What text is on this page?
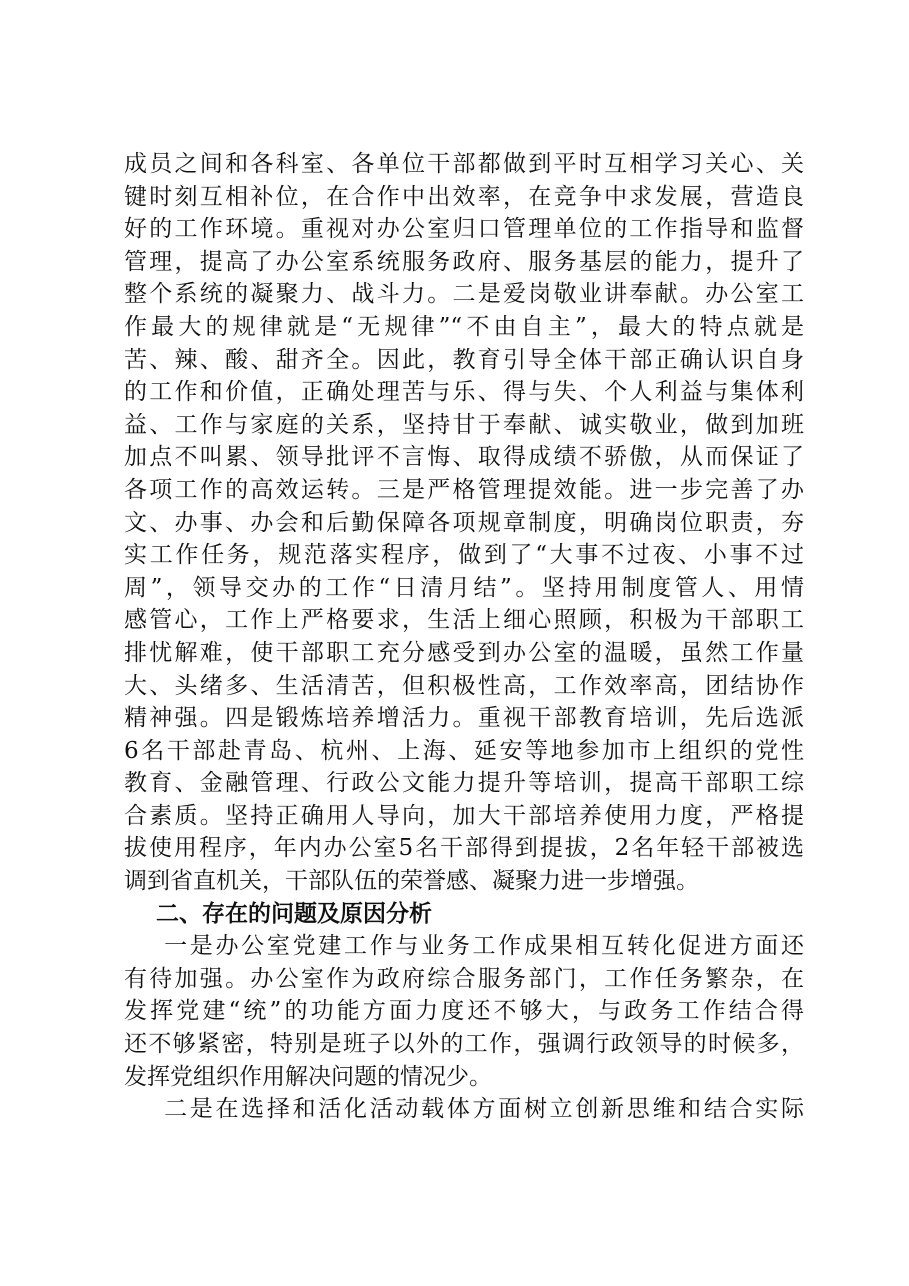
成员之间和各科室、各单位干部都做到平时互相学习关心、关
键时刻互相补位，在合作中出效率，在竞争中求发展，营造良
好的工作环境。重视对办公室归口管理单位的工作指导和监督
管理，提高了办公室系统服务政府、服务基层的能力，提升了
整个系统的凝聚力、战斗力。二是爱岗敬业讲奉献。办公室工
作最大的规律就是“无规律”“不由自主”，最大的特点就是
苦、辣、酸、甜齐全。因此，教育引导全体干部正确认识自身
的工作和价值，正确处理苦与乐、得与失、个人利益与集体利
益、工作与家庭的关系，坚持甘于奉献、诚实敬业，做到加班
加点不叫累、领导批评不言悔、取得成绩不骄傲，从而保证了
各项工作的高效运转。三是严格管理提效能。进一步完善了办
文、办事、办会和后勤保障各项规章制度，明确岗位职责，夯
实工作任务，规范落实程序，做到了“大事不过夜、小事不过
周”，领导交办的工作“日清月结”。坚持用制度管人、用情
感管心，工作上严格要求，生活上细心照顾，积极为干部职工
排忧解难，使干部职工充分感受到办公室的温暖，虽然工作量
大、头绪多、生活清苦，但积极性高，工作效率高，团结协作
精神强。四是锻炼培养增活力。重视干部教育培训，先后选派
6名干部赴青岛、杭州、上海、延安等地参加市上组织的党性
教育、金融管理、行政公文能力提升等培训，提高干部职工综
合素质。坚持正确用人导向，加大干部培养使用力度，严格提
拔使用程序，年内办公室5名干部得到提拔，2名年轻干部被选
调到省直机关，干部队伍的荣誉感、凝聚力进一步增强。
二、存在的问题及原因分析
一是办公室党建工作与业务工作成果相互转化促进方面还
有待加强。办公室作为政府综合服务部门，工作任务繁杂，在
发挥党建“统”的功能方面力度还不够大，与政务工作结合得
还不够紧密，特别是班子以外的工作，强调行政领导的时候多，
发挥党组织作用解决问题的情况少。
二是在选择和活化活动载体方面树立创新思维和结合实际
